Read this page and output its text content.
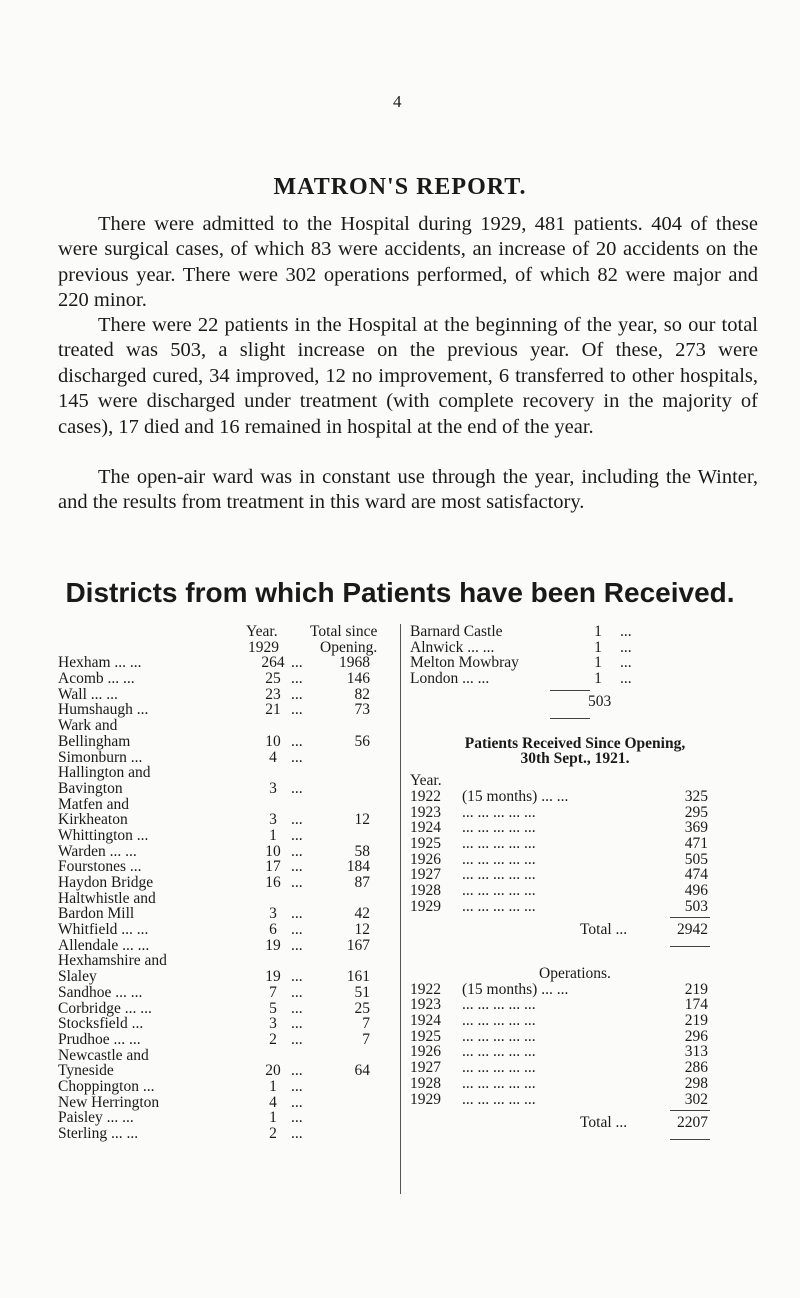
4
MATRON'S REPORT.

There were admitted to the Hospital during 1929, 481 patients. 404 of these were surgical cases, of which 83 were accidents, an increase of 20 accidents on the previous year. There were 302 operations performed, of which 82 were major and 220 minor.

There were 22 patients in the Hospital at the beginning of the year, so our total treated was 503, a slight increase on the previous year. Of these, 273 were discharged cured, 34 improved, 12 no improvement, 6 transferred to other hospitals, 145 were discharged under treatment (with complete recovery in the majority of cases), 17 died and 16 remained in hospital at the end of the year.

The open-air ward was in constant use through the year, including the Winter, and the results from treatment in this ward are most satisfactory.

Districts from which Patients have been Received.
Year.
1929
Total since
Opening.
Hexham ... ...	264 ...	1968
Acomb ... ...	25 ...	146
Wall ... ...	23 ...	82
Humshaugh ...	21 ...	73
Wark and
Bellingham	10 ...	56
Simonburn ...	4 ...
Hallington and
Bavington	3 ...
Matfen and
Kirkheaton	3 ...	12
Whittington ...	1 ...
Warden ... ...	10 ...	58
Fourstones ...	17 ...	184
Haydon Bridge	16 ...	87
Haltwhistle and
Bardon Mill	3 ...	42
Whitfield ... ...	6 ...	12
Allendale ... ...	19 ...	167
Hexhamshire and
Slaley	19 ...	161
Sandhoe ... ...	7 ...	51
Corbridge ... ...	5 ...	25
Stocksfield ...	3 ...	7
Prudhoe ... ...	2 ...	7
Newcastle and
Tyneside	20 ...	64
Choppington ...	1 ...
New Herrington	4 ...
Paisley ... ...	1 ...
Sterling ... ...	2 ...
Barnard Castle	1	...
Alnwick ... ...	1	...
Melton Mowbray	1	...
London ... ...	1	...
503
Patients Received Since Opening,
30th Sept., 1921.
Year.
1922 (15 months) ... ...	325
1923 ... ... ... ... ...	295
1924 ... ... ... ... ...	369
1925 ... ... ... ... ...	471
1926 ... ... ... ... ...	505
1927 ... ... ... ... ...	474
1928 ... ... ... ... ...	496
1929 ... ... ... ... ...	503
Total ...	2942
Operations.
1922 (15 months) ... ...	219
1923 ... ... ... ... ...	174
1924 ... ... ... ... ...	219
1925 ... ... ... ... ...	296
1926 ... ... ... ... ...	313
1927 ... ... ... ... ...	286
1928 ... ... ... ... ...	298
1929 ... ... ... ... ...	302
Total ...	2207
